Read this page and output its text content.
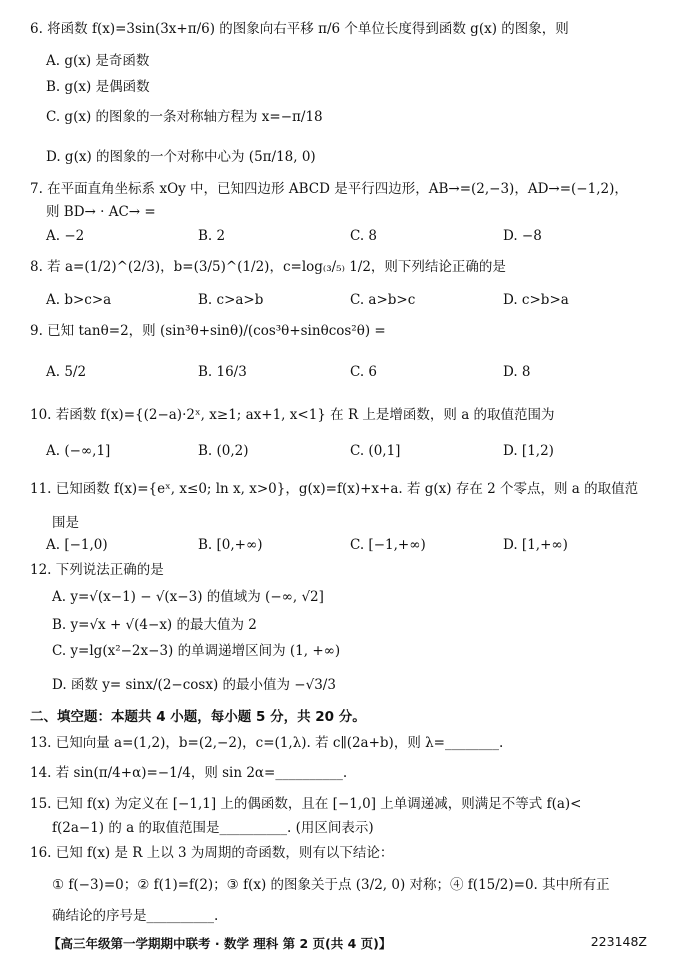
6. 将函数 f(x)=3sin(3x+π/6) 的图象向右平移 π/6 个单位长度得到函数 g(x) 的图象，则
A. g(x) 是奇函数
B. g(x) 是偶函数
C. g(x) 的图象的一条对称轴方程为 x=−π/18
D. g(x) 的图象的一个对称中心为 (5π/18, 0)
7. 在平面直角坐标系 xOy 中，已知四边形 ABCD 是平行四边形，AB→=(2,−3)，AD→=(−1,2)，
则 BD→ · AC→ =
A. −2	B. 2	C. 8	D. −8
8. 若 a=(1/2)^(2/3)，b=(3/5)^(1/2)，c=log₍₃/₅₎ 1/2，则下列结论正确的是
A. b>c>a	B. c>a>b	C. a>b>c	D. c>b>a
9. 已知 tanθ=2，则 (sin³θ+sinθ)/(cos³θ+sinθcos²θ) =
A. 5/2	B. 16/3	C. 6	D. 8
10. 若函数 f(x)={(2−a)·2ˣ, x≥1; ax+1, x<1} 在 R 上是增函数，则 a 的取值范围为
A. (−∞,1]	B. (0,2)	C. (0,1]	D. [1,2)
11. 已知函数 f(x)={eˣ, x≤0; ln x, x>0}，g(x)=f(x)+x+a. 若 g(x) 存在 2 个零点，则 a 的取值范
围是
A. [−1,0)	B. [0,+∞)	C. [−1,+∞)	D. [1,+∞)
12. 下列说法正确的是
A. y=√(x−1) − √(x−3) 的值域为 (−∞, √2]
B. y=√x + √(4−x) 的最大值为 2
C. y=lg(x²−2x−3) 的单调递增区间为 (1, +∞)
D. 函数 y= sinx/(2−cosx) 的最小值为 −√3/3
二、填空题：本题共 4 小题，每小题 5 分，共 20 分。
13. 已知向量 a=(1,2)，b=(2,−2)，c=(1,λ). 若 c∥(2a+b)，则 λ=________.
14. 若 sin(π/4+α)=−1/4，则 sin 2α=__________.
15. 已知 f(x) 为定义在 [−1,1] 上的偶函数，且在 [−1,0] 上单调递减，则满足不等式 f(a)<
f(2a−1) 的 a 的取值范围是__________. (用区间表示)
16. 已知 f(x) 是 R 上以 3 为周期的奇函数，则有以下结论：
① f(−3)=0；② f(1)=f(2)；③ f(x) 的图象关于点 (3/2, 0) 对称；④ f(15/2)=0. 其中所有正
确结论的序号是__________.
【高三年级第一学期期中联考 · 数学 理科 第 2 页(共 4 页)】	223148Z
